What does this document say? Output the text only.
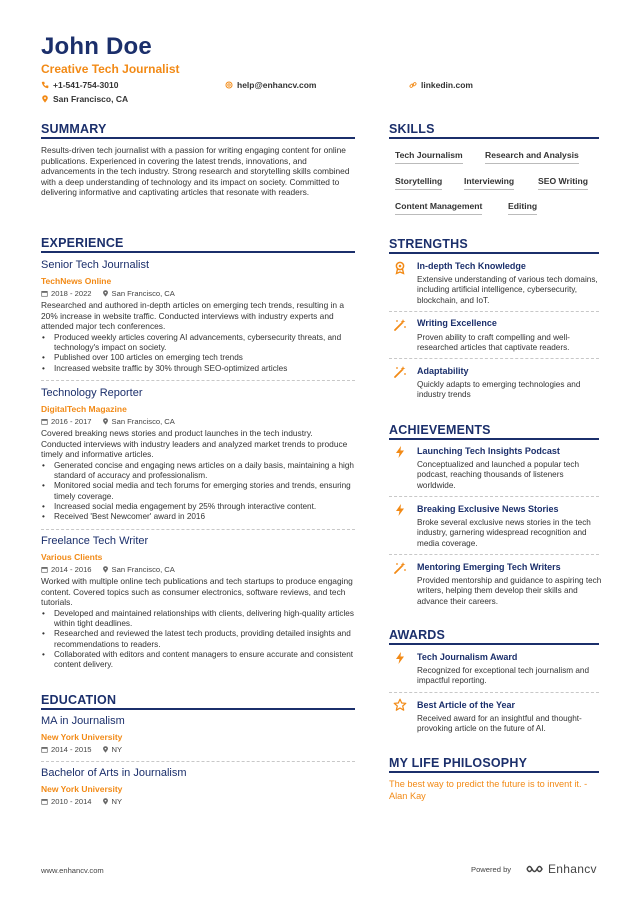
John Doe
Creative Tech Journalist
+1-541-754-3010	help@enhancv.com	linkedin.com
San Francisco, CA
SUMMARY
Results-driven tech journalist with a passion for writing engaging content for online publications. Experienced in covering the latest trends, innovations, and advancements in the tech industry. Strong research and storytelling skills combined with a deep understanding of technology and its impact on society. Committed to delivering informative and captivating articles that resonate with readers.
EXPERIENCE
Senior Tech Journalist
TechNews Online
2018 - 2022	San Francisco, CA
Researched and authored in-depth articles on emerging tech trends, resulting in a 20% increase in website traffic. Conducted interviews with industry experts and attended major tech conferences.
• Produced weekly articles covering AI advancements, cybersecurity threats, and technology's impact on society.
• Published over 100 articles on emerging tech trends
• Increased website traffic by 30% through SEO-optimized articles
Technology Reporter
DigitalTech Magazine
2016 - 2017	San Francisco, CA
Covered breaking news stories and product launches in the tech industry. Conducted interviews with industry leaders and analyzed market trends to produce timely and informative articles.
• Generated concise and engaging news articles on a daily basis, maintaining a high standard of accuracy and professionalism.
• Monitored social media and tech forums for emerging stories and trends, ensuring timely coverage.
• Increased social media engagement by 25% through interactive content.
• Received 'Best Newcomer' award in 2016
Freelance Tech Writer
Various Clients
2014 - 2016	San Francisco, CA
Worked with multiple online tech publications and tech startups to produce engaging content. Covered topics such as consumer electronics, software reviews, and tech tutorials.
• Developed and maintained relationships with clients, delivering high-quality articles within tight deadlines.
• Researched and reviewed the latest tech products, providing detailed insights and recommendations to readers.
• Collaborated with editors and content managers to ensure accurate and consistent content delivery.
EDUCATION
MA in Journalism
New York University
2014 - 2015	NY
Bachelor of Arts in Journalism
New York University
2010 - 2014	NY
SKILLS
Tech Journalism	Research and Analysis
Storytelling	Interviewing	SEO Writing
Content Management	Editing
STRENGTHS
In-depth Tech Knowledge
Extensive understanding of various tech domains, including artificial intelligence, cybersecurity, blockchain, and IoT.
Writing Excellence
Proven ability to craft compelling and well-researched articles that captivate readers.
Adaptability
Quickly adapts to emerging technologies and industry trends
ACHIEVEMENTS
Launching Tech Insights Podcast
Conceptualized and launched a popular tech podcast, reaching thousands of listeners worldwide.
Breaking Exclusive News Stories
Broke several exclusive news stories in the tech industry, garnering widespread recognition and media coverage.
Mentoring Emerging Tech Writers
Provided mentorship and guidance to aspiring tech writers, helping them develop their skills and advance their careers.
AWARDS
Tech Journalism Award
Recognized for exceptional tech journalism and impactful reporting.
Best Article of the Year
Received award for an insightful and thought-provoking article on the future of AI.
MY LIFE PHILOSOPHY
The best way to predict the future is to invent it. - Alan Kay
www.enhancv.com	Powered by	Enhancv
